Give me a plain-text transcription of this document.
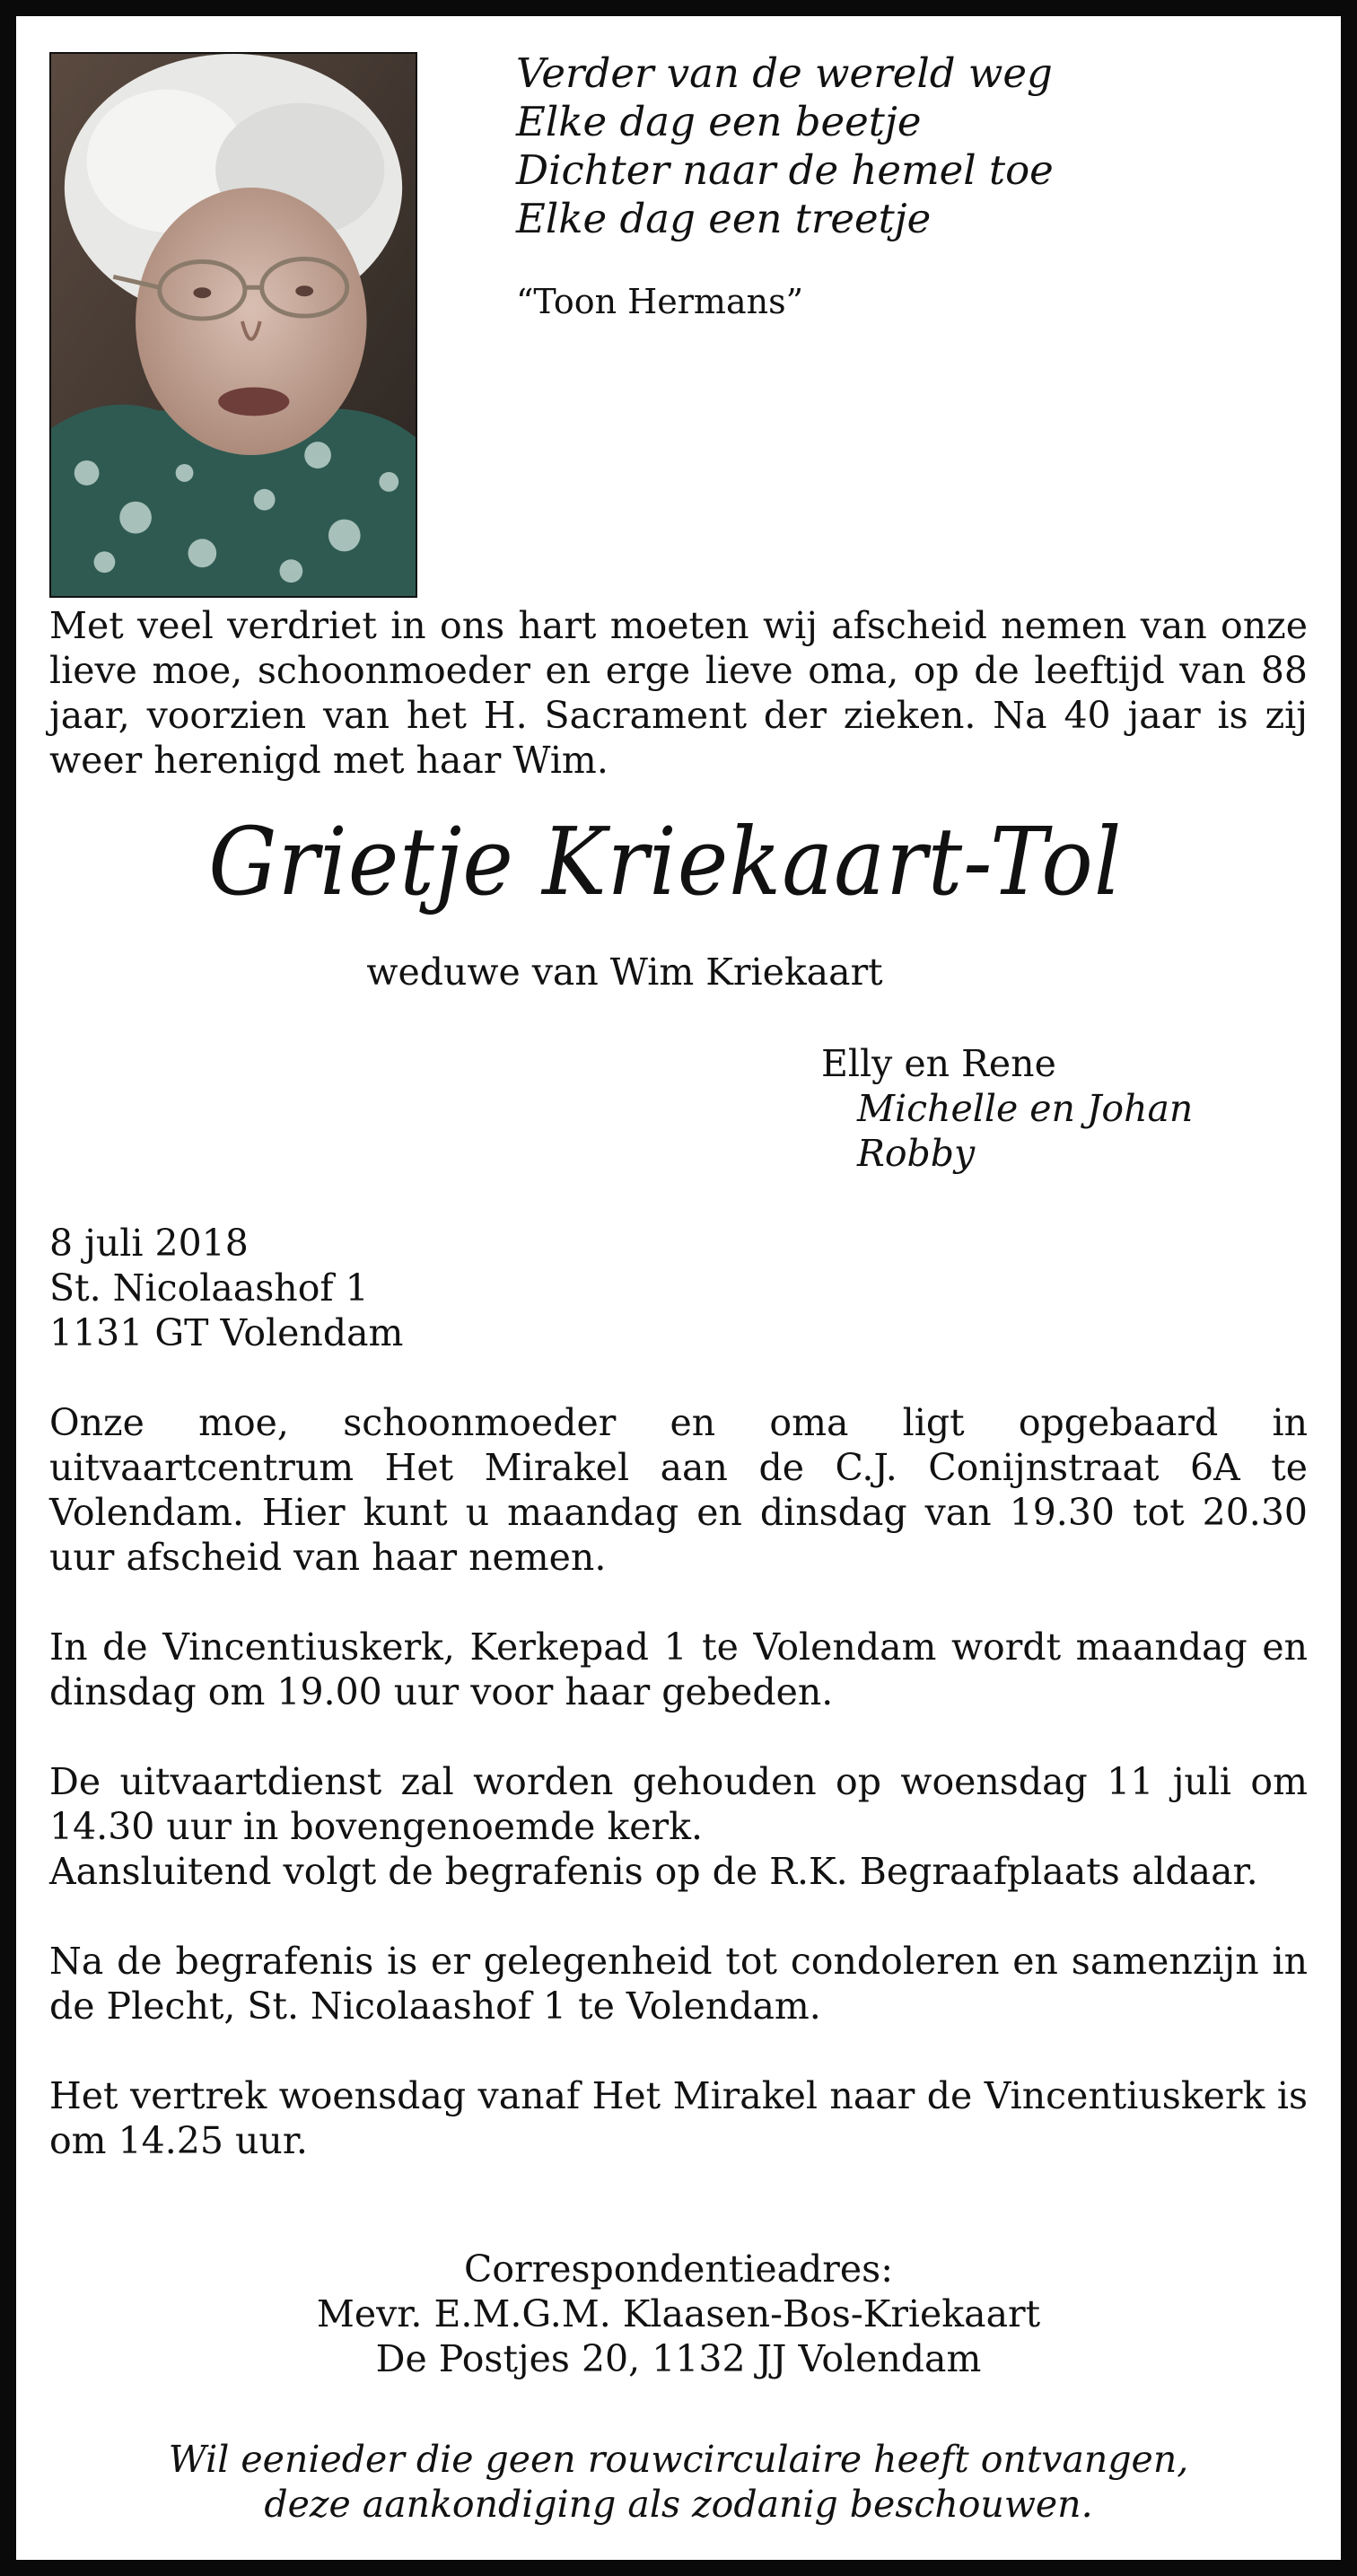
Verder van de wereld weg
Elke dag een beetje
Dichter naar de hemel toe
Elke dag een treetje
“Toon Hermans”

Met veel verdriet in ons hart moeten wij afscheid nemen van onze lieve moe, schoonmoeder en erge lieve oma, op de leeftijd van 88 jaar, voorzien van het H. Sacrament der zieken. Na 40 jaar is zij weer herenigd met haar Wim.

Grietje Kriekaart-Tol
weduwe van Wim Kriekaart
Elly en Rene
Michelle en Johan
Robby
8 juli 2018
St. Nicolaashof 1
1131 GT Volendam

Onze moe, schoonmoeder en oma ligt opgebaard in uitvaartcentrum Het Mirakel aan de C.J. Conijnstraat 6A te Volendam. Hier kunt u maandag en dinsdag van 19.30 tot 20.30 uur afscheid van haar nemen.

In de Vincentiuskerk, Kerkepad 1 te Volendam wordt maandag en dinsdag om 19.00 uur voor haar gebeden.

De uitvaartdienst zal worden gehouden op woensdag 11 juli om 14.30 uur in bovengenoemde kerk.

Aansluitend volgt de begrafenis op de R.K. Begraafplaats aldaar.

Na de begrafenis is er gelegenheid tot condoleren en samenzijn in de Plecht, St. Nicolaashof 1 te Volendam.

Het vertrek woensdag vanaf Het Mirakel naar de Vincentiuskerk is om 14.25 uur.

Correspondentieadres:
Mevr. E.M.G.M. Klaasen-Bos-Kriekaart
De Postjes 20, 1132 JJ Volendam
Wil eenieder die geen rouwcirculaire heeft ontvangen,
deze aankondiging als zodanig beschouwen.
